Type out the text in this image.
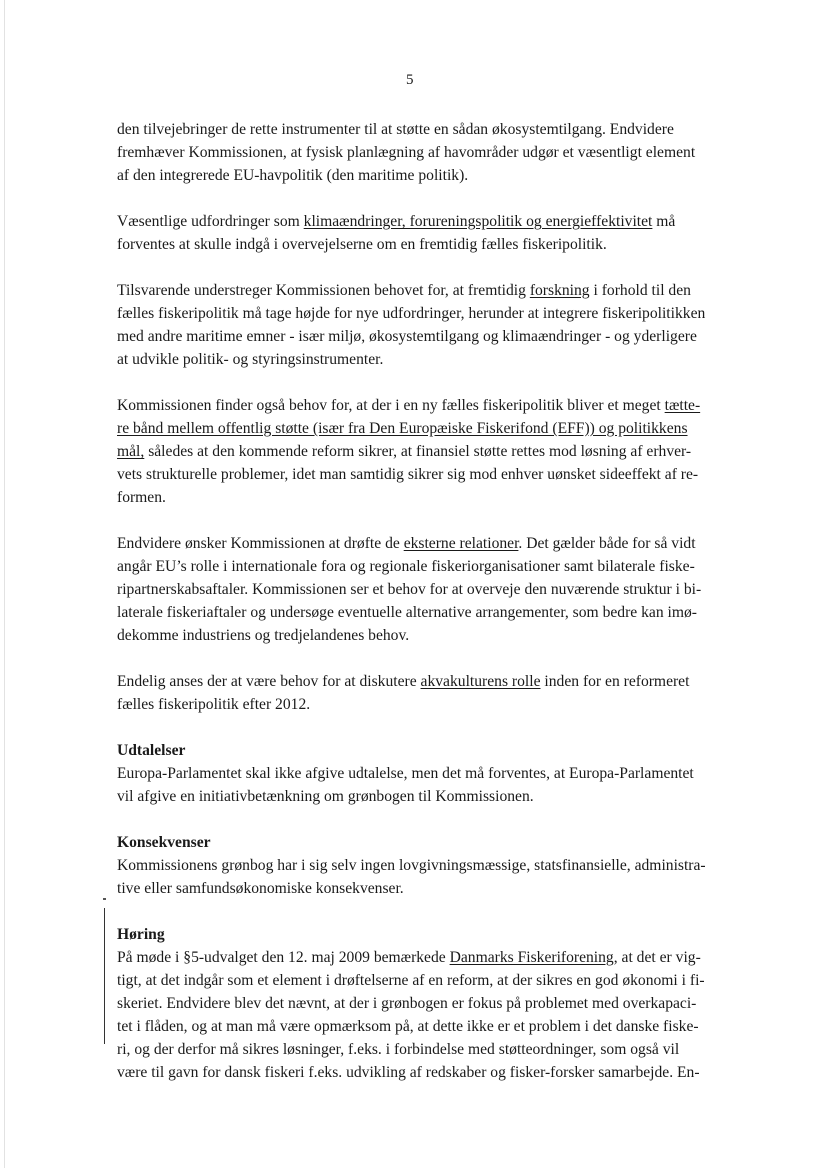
5
den tilvejebringer de rette instrumenter til at støtte en sådan økosystemtilgang. Endvidere
fremhæver Kommissionen, at fysisk planlægning af havområder udgør et væsentligt element
af den integrerede EU-havpolitik (den maritime politik).
Væsentlige udfordringer som klimaændringer, forureningspolitik og energieffektivitet må
forventes at skulle indgå i overvejelserne om en fremtidig fælles fiskeripolitik.
Tilsvarende understreger Kommissionen behovet for, at fremtidig forskning i forhold til den
fælles fiskeripolitik må tage højde for nye udfordringer, herunder at integrere fiskeripolitikken
med andre maritime emner - især miljø, økosystemtilgang og klimaændringer - og yderligere
at udvikle politik- og styringsinstrumenter.
Kommissionen finder også behov for, at der i en ny fælles fiskeripolitik bliver et meget tætte-
re bånd mellem offentlig støtte (især fra Den Europæiske Fiskerifond (EFF)) og politikkens
mål, således at den kommende reform sikrer, at finansiel støtte rettes mod løsning af erhver-
vets strukturelle problemer, idet man samtidig sikrer sig mod enhver uønsket sideeffekt af re-
formen.
Endvidere ønsker Kommissionen at drøfte de eksterne relationer. Det gælder både for så vidt
angår EU’s rolle i internationale fora og regionale fiskeriorganisationer samt bilaterale fiske-
ripartnerskabsaftaler. Kommissionen ser et behov for at overveje den nuværende struktur i bi-
laterale fiskeriaftaler og undersøge eventuelle alternative arrangementer, som bedre kan imø-
dekomme industriens og tredjelandenes behov.
Endelig anses der at være behov for at diskutere akvakulturens rolle inden for en reformeret
fælles fiskeripolitik efter 2012.
Udtalelser
Europa-Parlamentet skal ikke afgive udtalelse, men det må forventes, at Europa-Parlamentet
vil afgive en initiativbetænkning om grønbogen til Kommissionen.
Konsekvenser
Kommissionens grønbog har i sig selv ingen lovgivningsmæssige, statsfinansielle, administra-
tive eller samfundsøkonomiske konsekvenser.
Høring
På møde i §5-udvalget den 12. maj 2009 bemærkede Danmarks Fiskeriforening, at det er vig-
tigt, at det indgår som et element i drøftelserne af en reform, at der sikres en god økonomi i fi-
skeriet. Endvidere blev det nævnt, at der i grønbogen er fokus på problemet med overkapaci-
tet i flåden, og at man må være opmærksom på, at dette ikke er et problem i det danske fiske-
ri, og der derfor må sikres løsninger, f.eks. i forbindelse med støtteordninger, som også vil
være til gavn for dansk fiskeri f.eks. udvikling af redskaber og fisker-forsker samarbejde. En-
